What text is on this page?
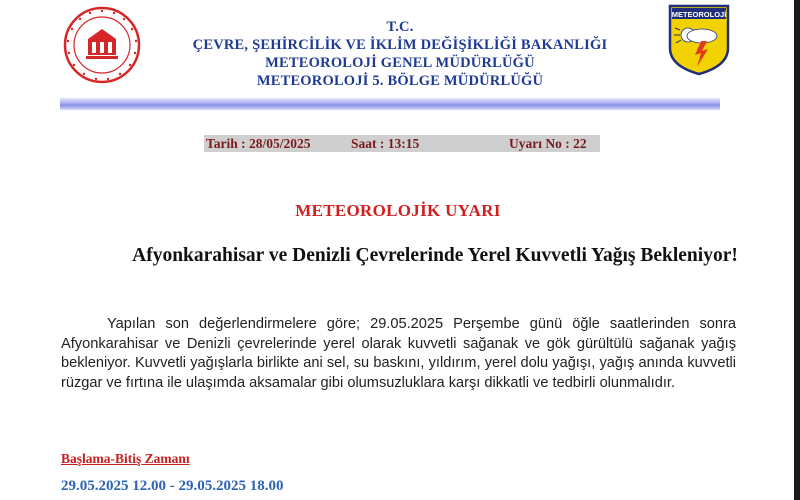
T.C.
ÇEVRE, ŞEHİRCİLİK VE İKLİM DEĞİŞİKLİĞİ BAKANLIĞI
METEOROLOJİ GENEL MÜDÜRLÜĞÜ
METEOROLOJİ 5. BÖLGE MÜDÜRLÜĞÜ
METEOROLOJİ
Tarih : 28/05/2025	Saat : 13:15	Uyarı No : 22
METEOROLOJİK UYARI
Afyonkarahisar ve Denizli Çevrelerinde Yerel Kuvvetli Yağış Bekleniyor!
Yapılan son değerlendirmelere göre; 29.05.2025 Perşembe günü öğle saatlerinden sonra Afyonkarahisar ve Denizli çevrelerinde yerel olarak kuvvetli sağanak ve gök gürültülü sağanak yağış bekleniyor. Kuvvetli yağışlarla birlikte ani sel, su baskını, yıldırım, yerel dolu yağışı, yağış anında kuvvetli rüzgar ve fırtına ile ulaşımda aksamalar gibi olumsuzluklara karşı dikkatli ve tedbirli olunmalıdır.
Başlama-Bitiş Zamanı
29.05.2025 12.00 - 29.05.2025 18.00
